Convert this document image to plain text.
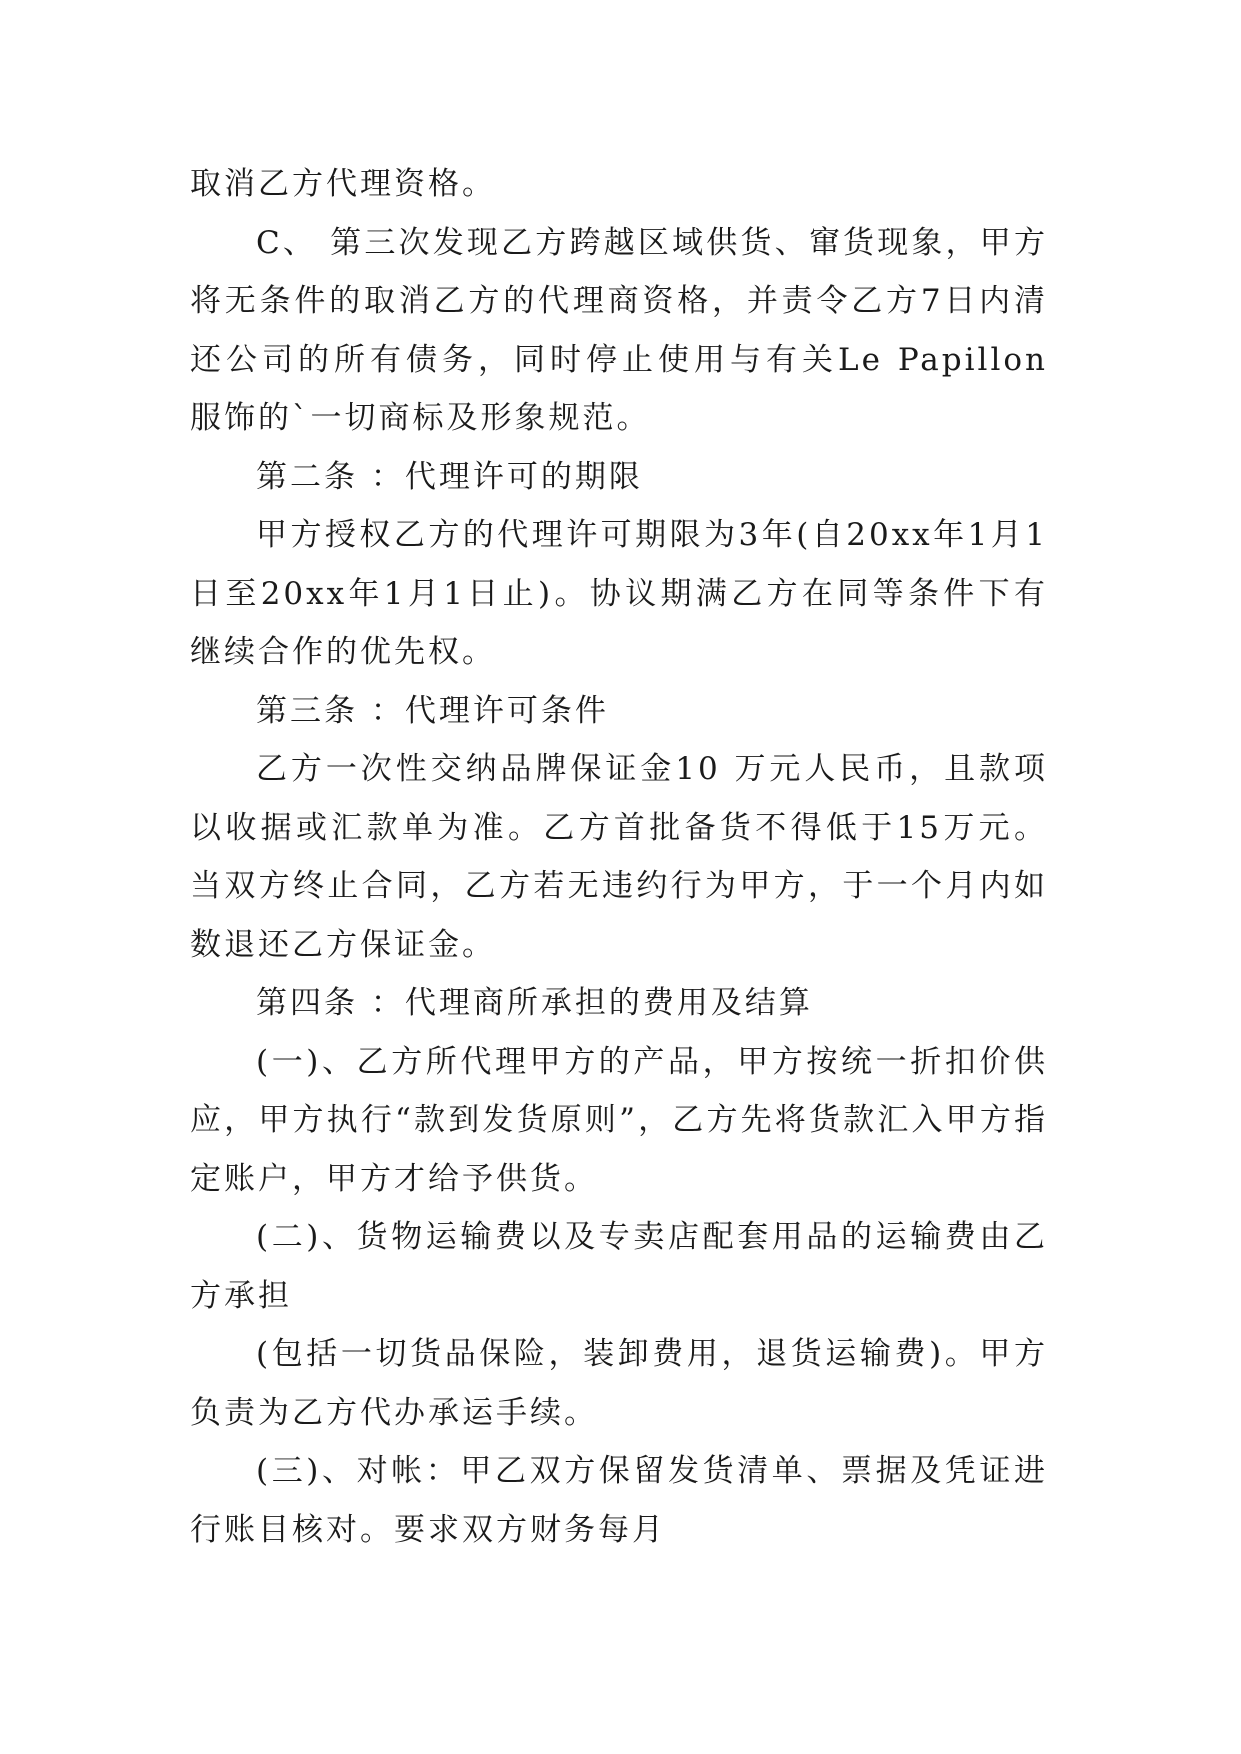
取消乙方代理资格。

C、 第三次发现乙方跨越区域供货、窜货现象，甲方将无条件的取消乙方的代理商资格，并责令乙方7日内清还公司的所有债务，同时停止使用与有关Le Papillon 服饰的`一切商标及形象规范。

第二条 ：代理许可的期限

甲方授权乙方的代理许可期限为3年(自20xx年1月1日至20xx年1月1日止)。协议期满乙方在同等条件下有继续合作的优先权。

第三条 ：代理许可条件

乙方一次性交纳品牌保证金10 万元人民币，且款项以收据或汇款单为准。乙方首批备货不得低于15万元。当双方终止合同，乙方若无违约行为甲方，于一个月内如数退还乙方保证金。

第四条 ：代理商所承担的费用及结算

(一)、乙方所代理甲方的产品，甲方按统一折扣价供应，甲方执行“款到发货原则”，乙方先将货款汇入甲方指定账户，甲方才给予供货。

(二)、货物运输费以及专卖店配套用品的运输费由乙方承担

(包括一切货品保险，装卸费用，退货运输费)。甲方负责为乙方代办承运手续。

(三)、对帐：甲乙双方保留发货清单、票据及凭证进行账目核对。要求双方财务每月
